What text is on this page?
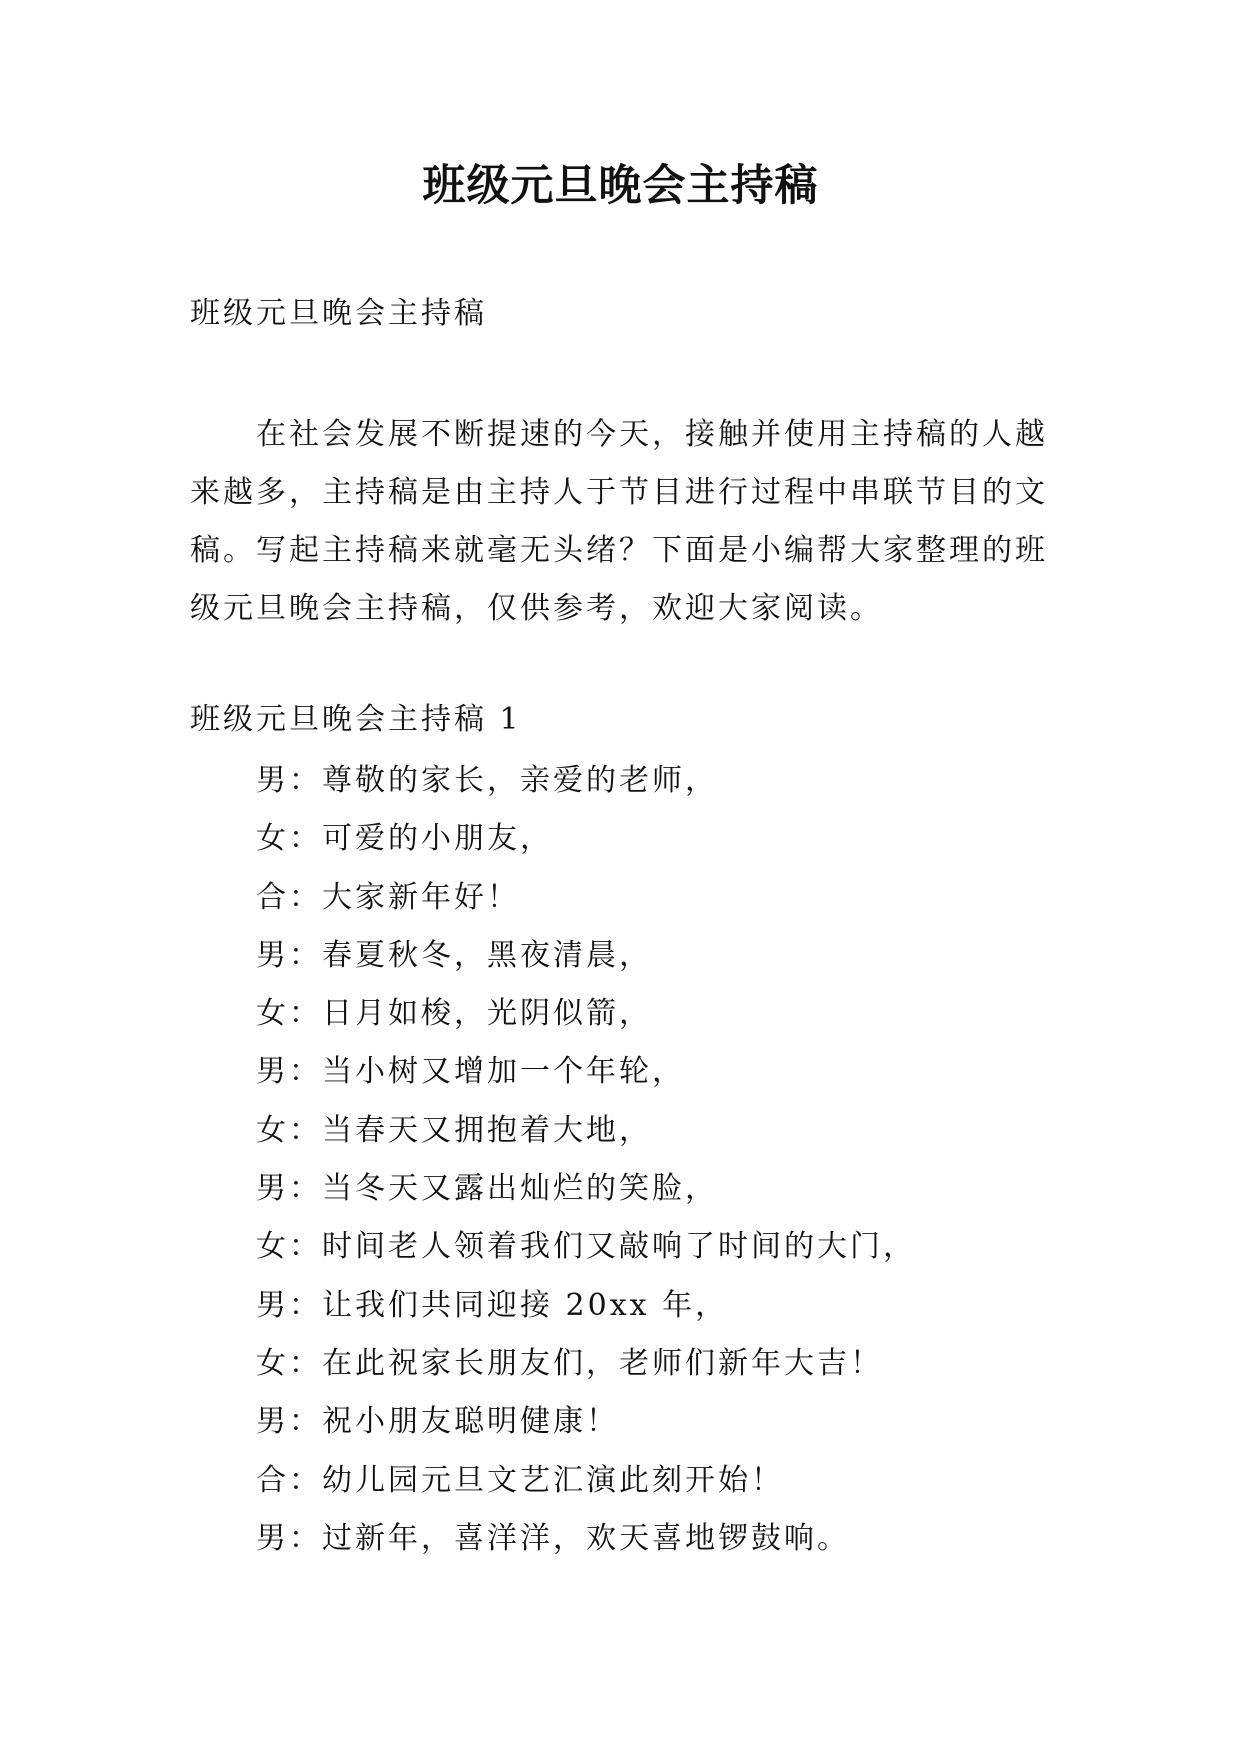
班级元旦晚会主持稿
班级元旦晚会主持稿

在社会发展不断提速的今天，接触并使用主持稿的人越来越多，主持稿是由主持人于节目进行过程中串联节目的文稿。写起主持稿来就毫无头绪？下面是小编帮大家整理的班级元旦晚会主持稿，仅供参考，欢迎大家阅读。

班级元旦晚会主持稿 1
男：尊敬的家长，亲爱的老师，
女：可爱的小朋友，
合：大家新年好！
男：春夏秋冬，黑夜清晨，
女：日月如梭，光阴似箭，
男：当小树又增加一个年轮，
女：当春天又拥抱着大地，
男：当冬天又露出灿烂的笑脸，
女：时间老人领着我们又敲响了时间的大门，
男：让我们共同迎接 20xx 年，
女：在此祝家长朋友们，老师们新年大吉！
男：祝小朋友聪明健康！
合：幼儿园元旦文艺汇演此刻开始！
男：过新年，喜洋洋，欢天喜地锣鼓响。
